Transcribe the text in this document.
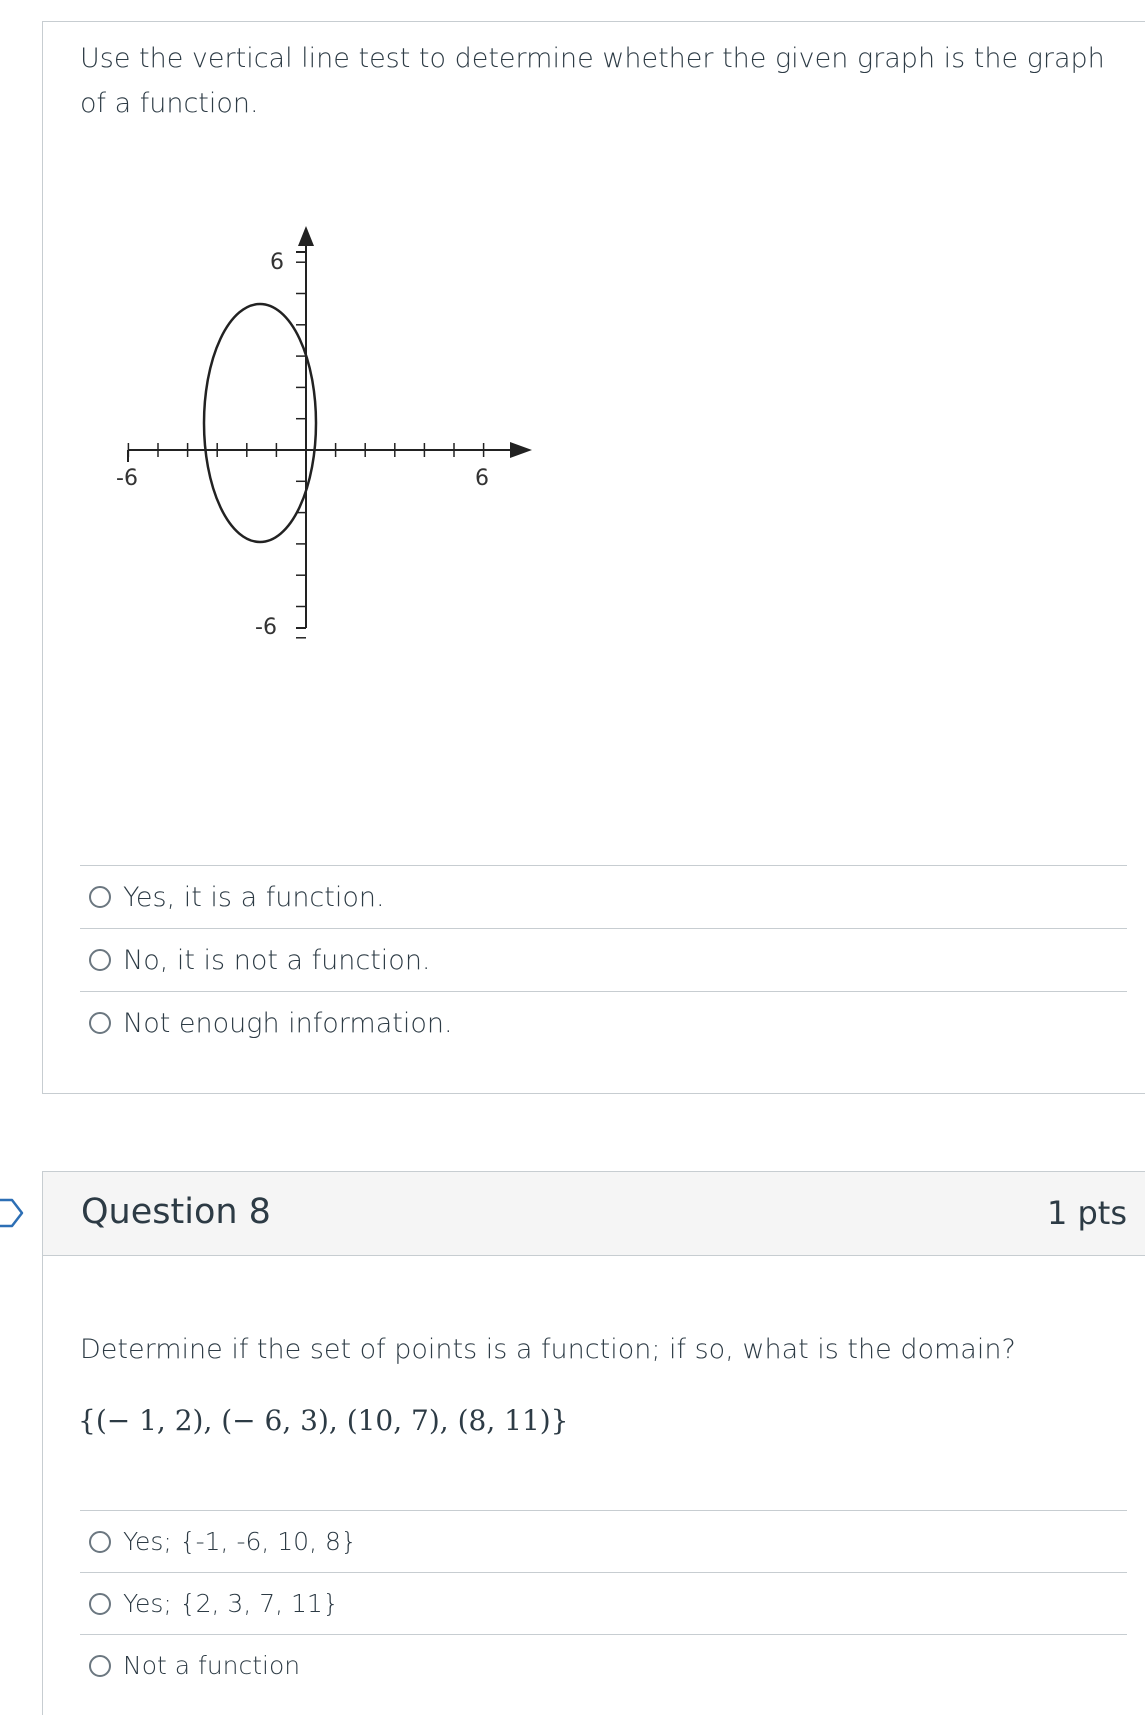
Use the vertical line test to determine whether the given graph is the graph of a function.
6
-6
-6	6
Yes, it is a function.
No, it is not a function.
Not enough information.
Question 8	1 pts
Determine if the set of points is a function; if so, what is the domain?
{(− 1, 2), (− 6, 3), (10, 7), (8, 11)}
Yes; {-1, -6, 10, 8}
Yes; {2, 3, 7, 11}
Not a function
